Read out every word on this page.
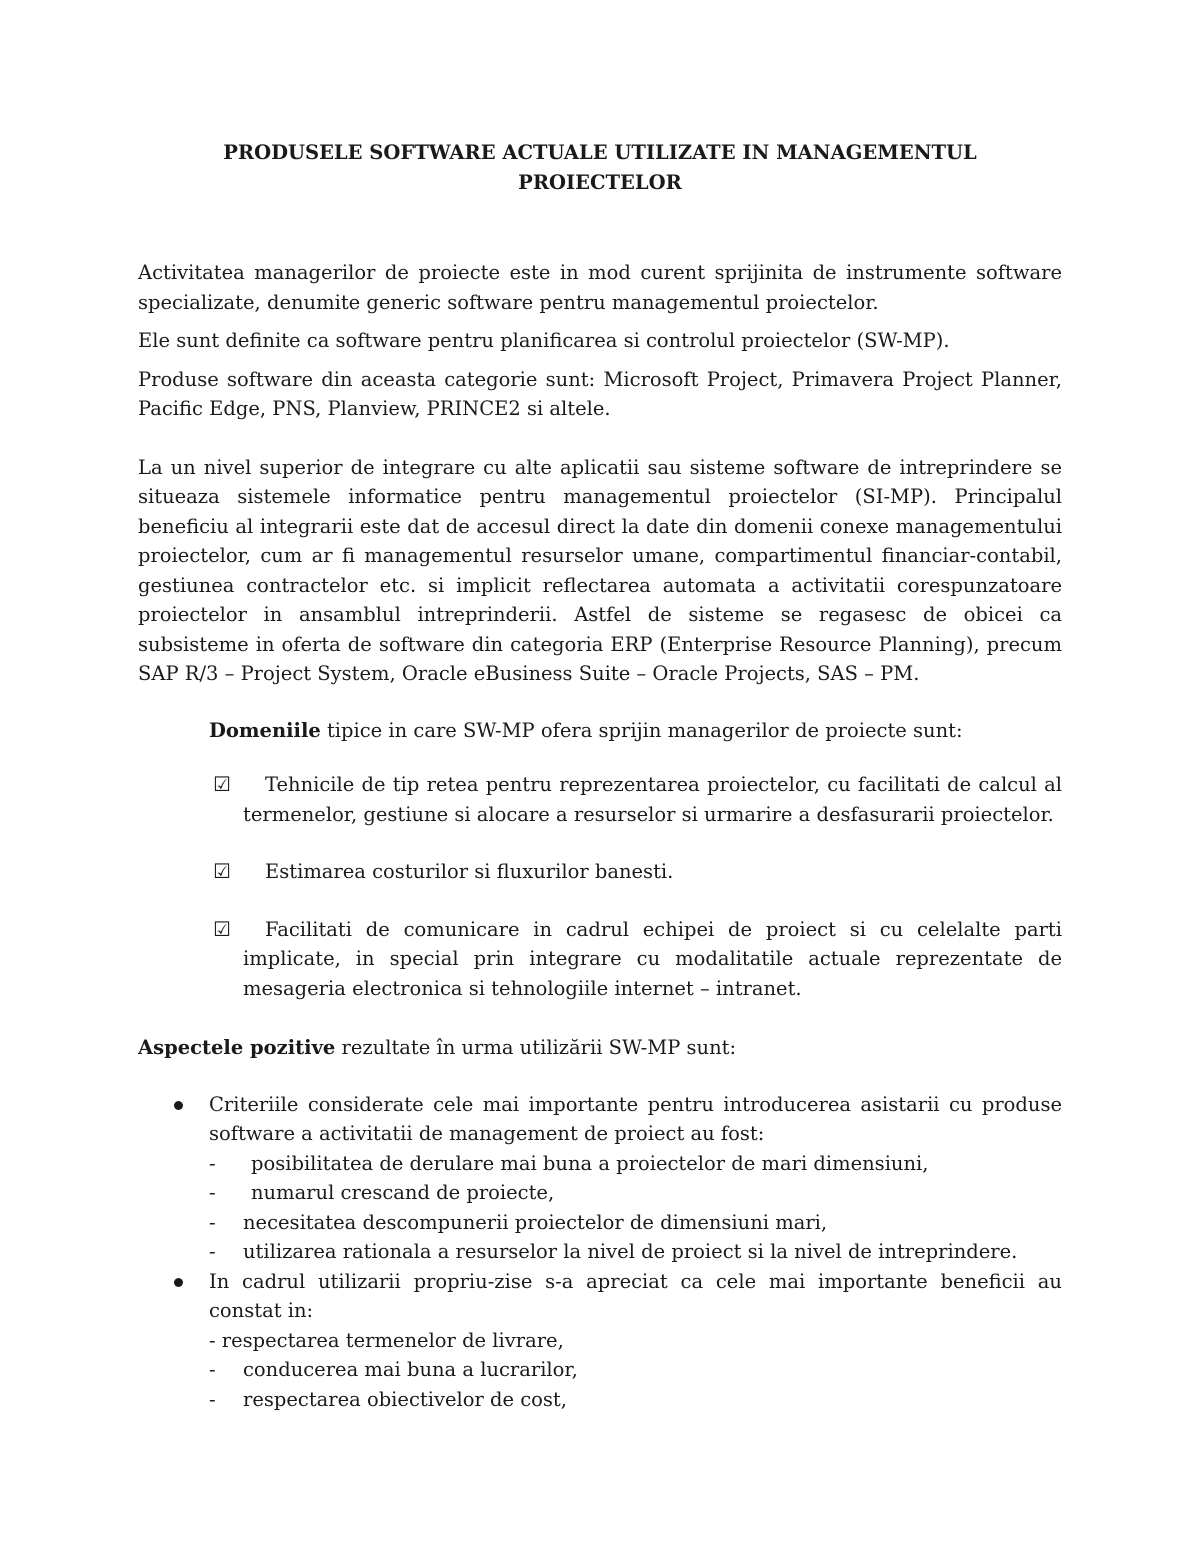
PRODUSELE SOFTWARE ACTUALE UTILIZATE IN MANAGEMENTUL
PROIECTELOR

Activitatea managerilor de proiecte este in mod curent sprijinita de instrumente software specializate, denumite generic software pentru managementul proiectelor.

Ele sunt definite ca software pentru planificarea si controlul proiectelor (SW-MP).

Produse software din aceasta categorie sunt: Microsoft Project, Primavera Project Planner, Pacific Edge, PNS, Planview, PRINCE2 si altele.

La un nivel superior de integrare cu alte aplicatii sau sisteme software de intreprindere se situeaza sistemele informatice pentru managementul proiectelor (SI-MP). Principalul beneficiu al integrarii este dat de accesul direct la date din domenii conexe managementului proiectelor, cum ar fi managementul resurselor umane, compartimentul financiar-contabil, gestiunea contractelor etc. si implicit reflectarea automata a activitatii corespunzatoare proiectelor in ansamblul intreprinderii. Astfel de sisteme se regasesc de obicei ca subsisteme in oferta de software din categoria ERP (Enterprise Resource Planning), precum SAP R/3 – Project System, Oracle eBusiness Suite – Oracle Projects, SAS – PM.

Domeniile tipice in care SW-MP ofera sprijin managerilor de proiecte sunt:

☑ Tehnicile de tip retea pentru reprezentarea proiectelor, cu facilitati de calcul al termenelor, gestiune si alocare a resurselor si urmarire a desfasurarii proiectelor.
☑ Estimarea costurilor si fluxurilor banesti.
☑ Facilitati de comunicare in cadrul echipei de proiect si cu celelalte parti implicate, in special prin integrare cu modalitatile actuale reprezentate de mesageria electronica si tehnologiile internet – intranet.

Aspectele pozitive rezultate în urma utilizării SW-MP sunt:

Criteriile considerate cele mai importante pentru introducerea asistarii cu produse software a activitatii de management de proiect au fost:
- posibilitatea de derulare mai buna a proiectelor de mari dimensiuni,
- numarul crescand de proiecte,
- necesitatea descompunerii proiectelor de dimensiuni mari,
- utilizarea rationala a resurselor la nivel de proiect si la nivel de intreprindere.
In cadrul utilizarii propriu-zise s-a apreciat ca cele mai importante beneficii au constat in:
- respectarea termenelor de livrare,
- conducerea mai buna a lucrarilor,
- respectarea obiectivelor de cost,
